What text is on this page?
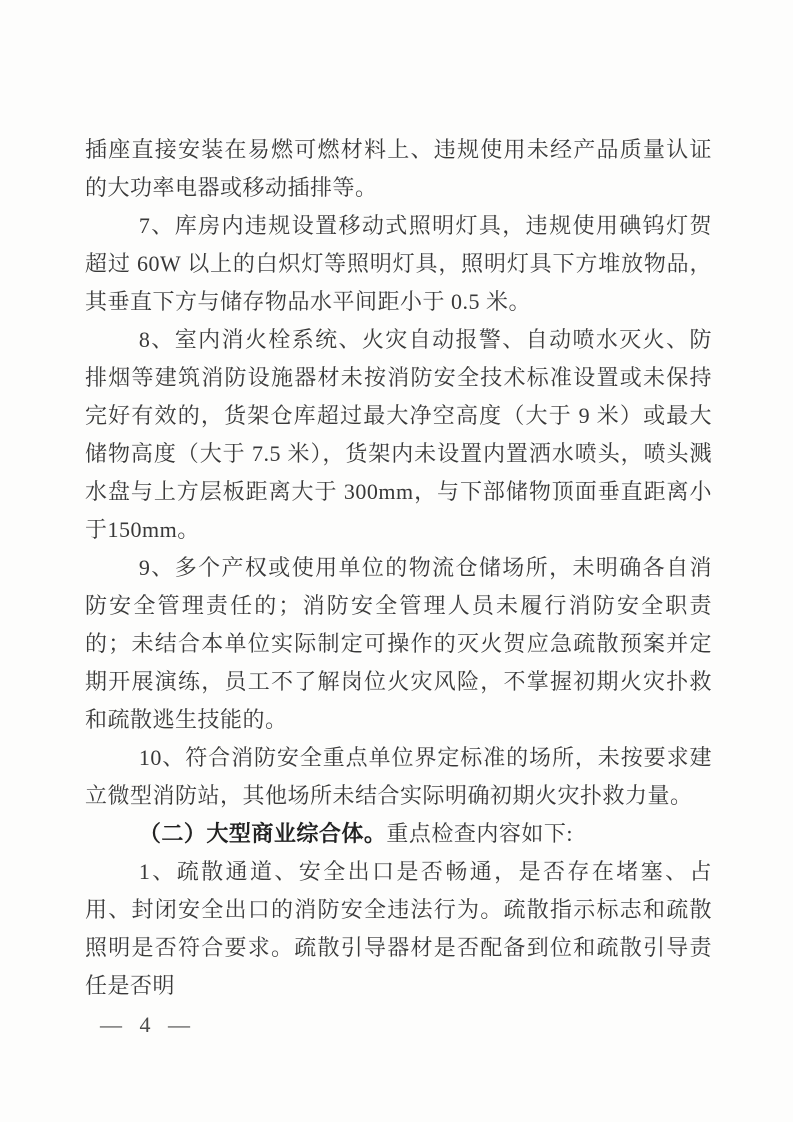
插座直接安装在易燃可燃材料上、违规使用未经产品质量认证的大功率电器或移动插排等。

7、库房内违规设置移动式照明灯具，违规使用碘钨灯贺超过 60W 以上的白炽灯等照明灯具，照明灯具下方堆放物品，其垂直下方与储存物品水平间距小于 0.5 米。

8、室内消火栓系统、火灾自动报警、自动喷水灭火、防排烟等建筑消防设施器材未按消防安全技术标准设置或未保持完好有效的，货架仓库超过最大净空高度（大于 9 米）或最大储物高度（大于 7.5 米），货架内未设置内置洒水喷头，喷头溅水盘与上方层板距离大于 300mm，与下部储物顶面垂直距离小于150mm。

9、多个产权或使用单位的物流仓储场所，未明确各自消防安全管理责任的；消防安全管理人员未履行消防安全职责的；未结合本单位实际制定可操作的灭火贺应急疏散预案并定期开展演练，员工不了解岗位火灾风险，不掌握初期火灾扑救和疏散逃生技能的。

10、符合消防安全重点单位界定标准的场所，未按要求建立微型消防站，其他场所未结合实际明确初期火灾扑救力量。

（二）大型商业综合体。重点检查内容如下:

1、疏散通道、安全出口是否畅通，是否存在堵塞、占用、封闭安全出口的消防安全违法行为。疏散指示标志和疏散照明是否符合要求。疏散引导器材是否配备到位和疏散引导责任是否明

— 4 —
